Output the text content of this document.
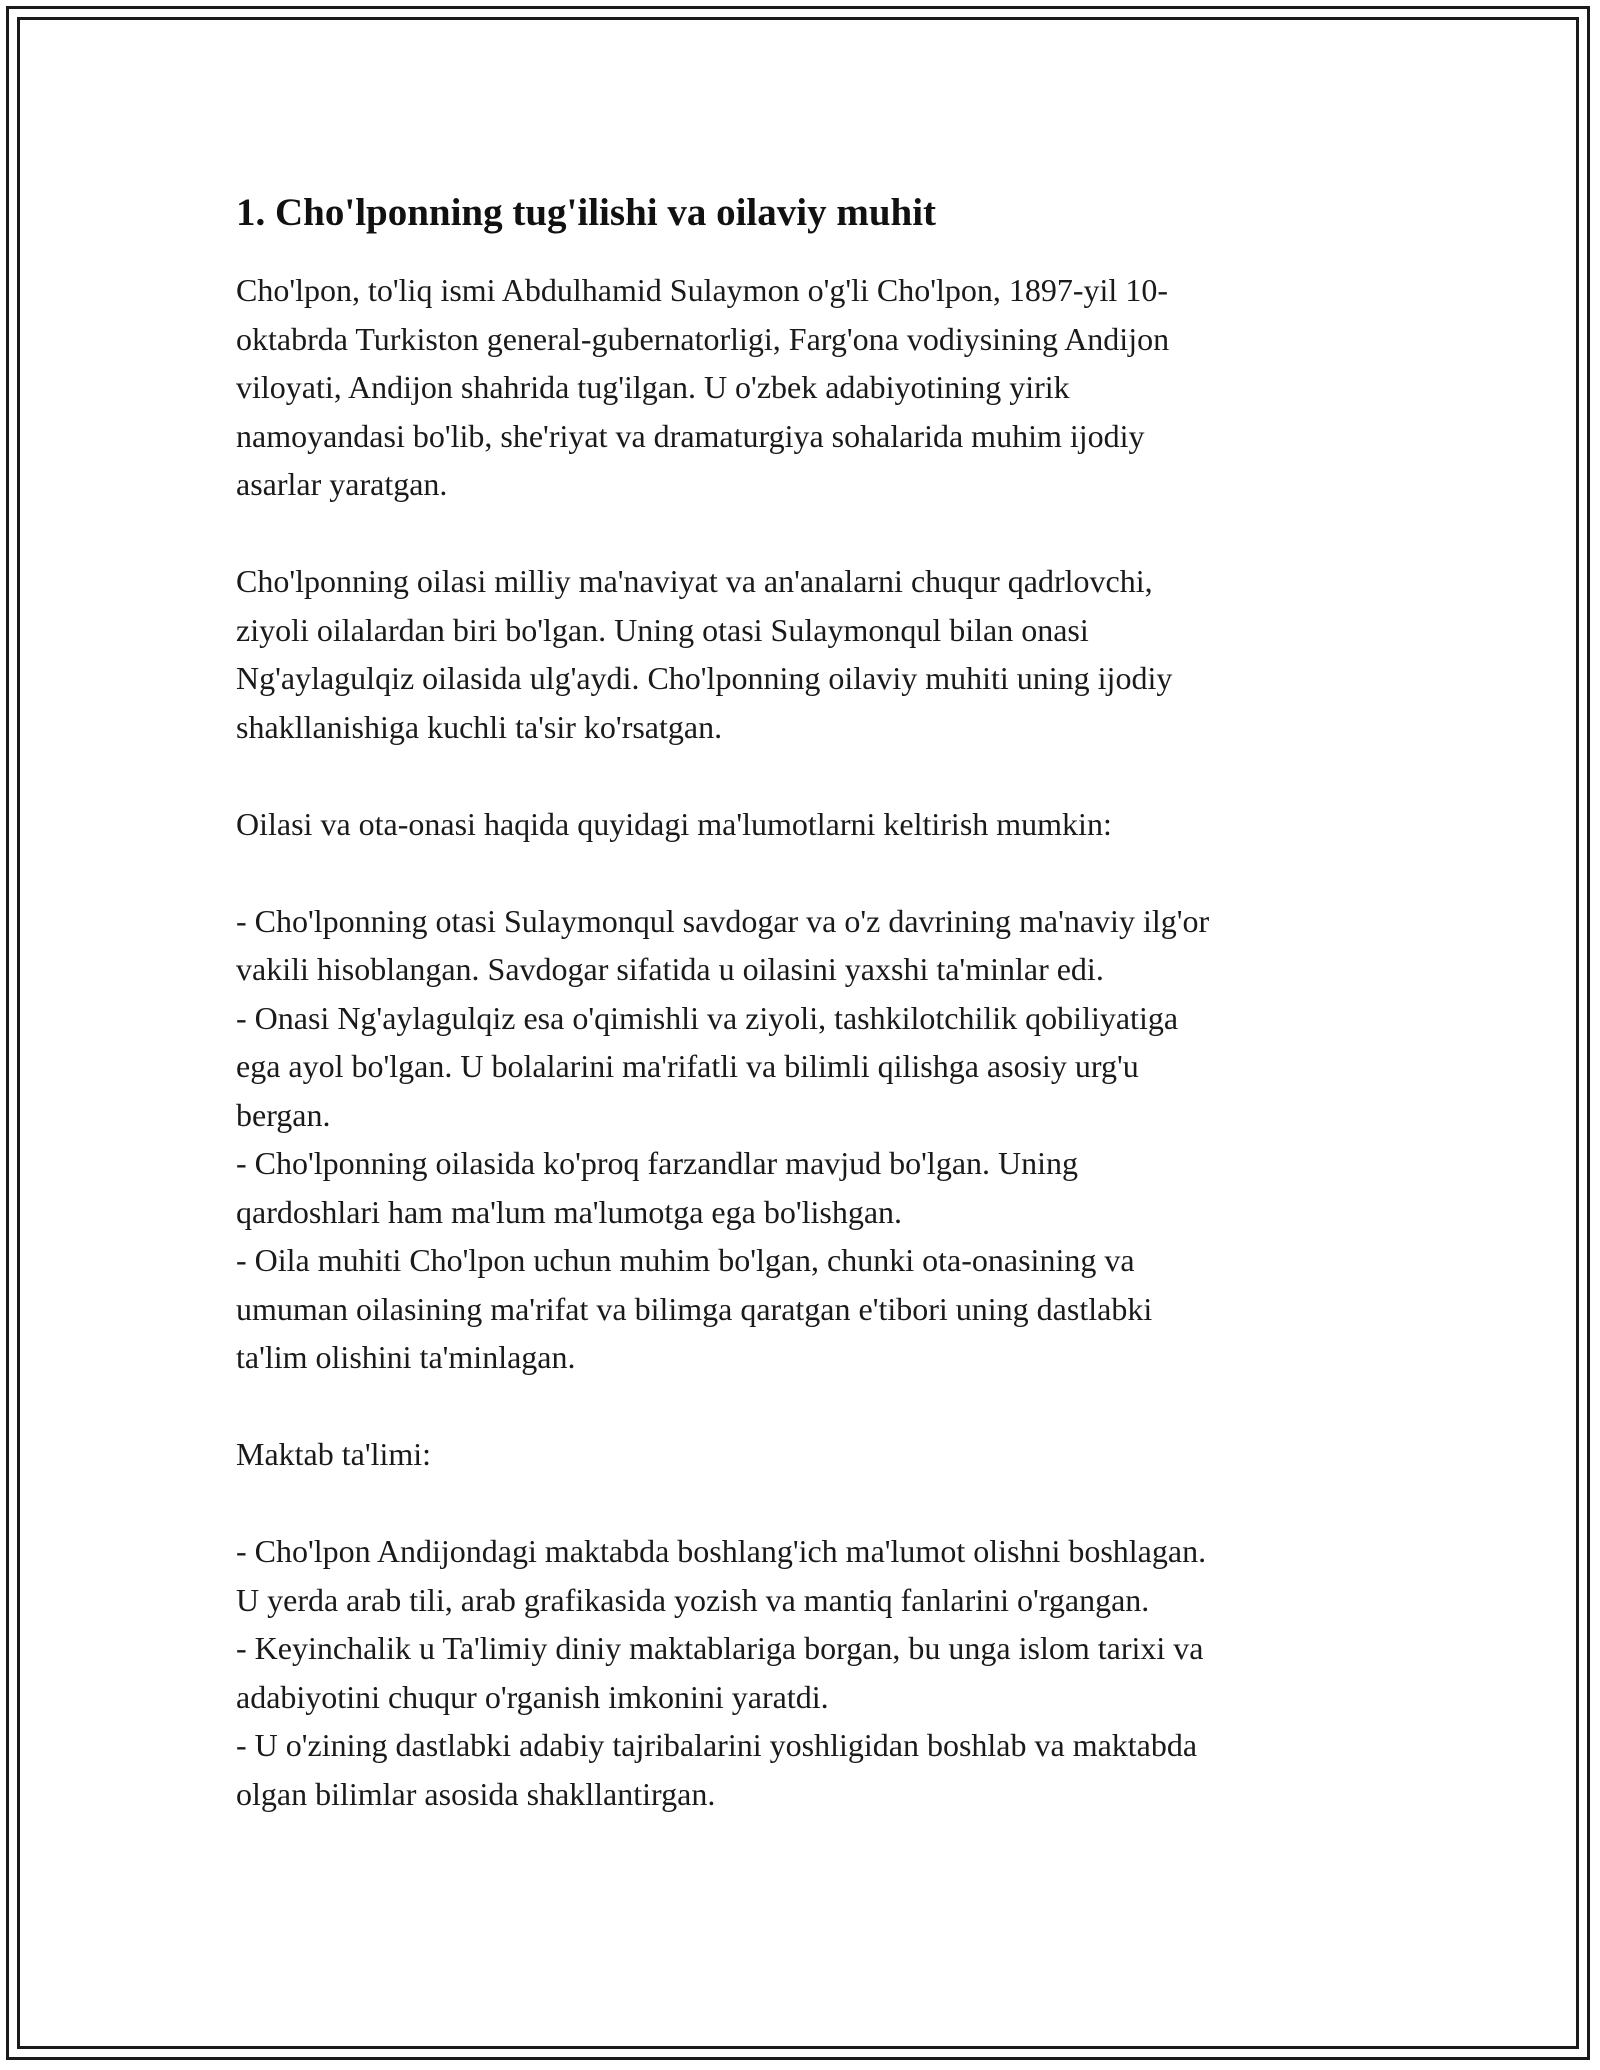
1. Cho'lponning tug'ilishi va oilaviy muhit

Cho'lpon, to'liq ismi Abdulhamid Sulaymon o'g'li Cho'lpon, 1897-yil 10-
oktabrda Turkiston general-gubernatorligi, Farg'ona vodiysining Andijon
viloyati, Andijon shahrida tug'ilgan. U o'zbek adabiyotining yirik
namoyandasi bo'lib, she'riyat va dramaturgiya sohalarida muhim ijodiy
asarlar yaratgan.

Cho'lponning oilasi milliy ma'naviyat va an'analarni chuqur qadrlovchi,
ziyoli oilalardan biri bo'lgan. Uning otasi Sulaymonqul bilan onasi
Ng'aylagulqiz oilasida ulg'aydi. Cho'lponning oilaviy muhiti uning ijodiy
shakllanishiga kuchli ta'sir ko'rsatgan.

Oilasi va ota-onasi haqida quyidagi ma'lumotlarni keltirish mumkin:

- Cho'lponning otasi Sulaymonqul savdogar va o'z davrining ma'naviy ilg'or
vakili hisoblangan. Savdogar sifatida u oilasini yaxshi ta'minlar edi.
- Onasi Ng'aylagulqiz esa o'qimishli va ziyoli, tashkilotchilik qobiliyatiga
ega ayol bo'lgan. U bolalarini ma'rifatli va bilimli qilishga asosiy urg'u
bergan.
- Cho'lponning oilasida ko'proq farzandlar mavjud bo'lgan. Uning
qardoshlari ham ma'lum ma'lumotga ega bo'lishgan.
- Oila muhiti Cho'lpon uchun muhim bo'lgan, chunki ota-onasining va
umuman oilasining ma'rifat va bilimga qaratgan e'tibori uning dastlabki
ta'lim olishini ta'minlagan.

Maktab ta'limi:

- Cho'lpon Andijondagi maktabda boshlang'ich ma'lumot olishni boshlagan.
U yerda arab tili, arab grafikasida yozish va mantiq fanlarini o'rgangan.
- Keyinchalik u Ta'limiy diniy maktablariga borgan, bu unga islom tarixi va
adabiyotini chuqur o'rganish imkonini yaratdi.
- U o'zining dastlabki adabiy tajribalarini yoshligidan boshlab va maktabda
olgan bilimlar asosida shakllantirgan.
